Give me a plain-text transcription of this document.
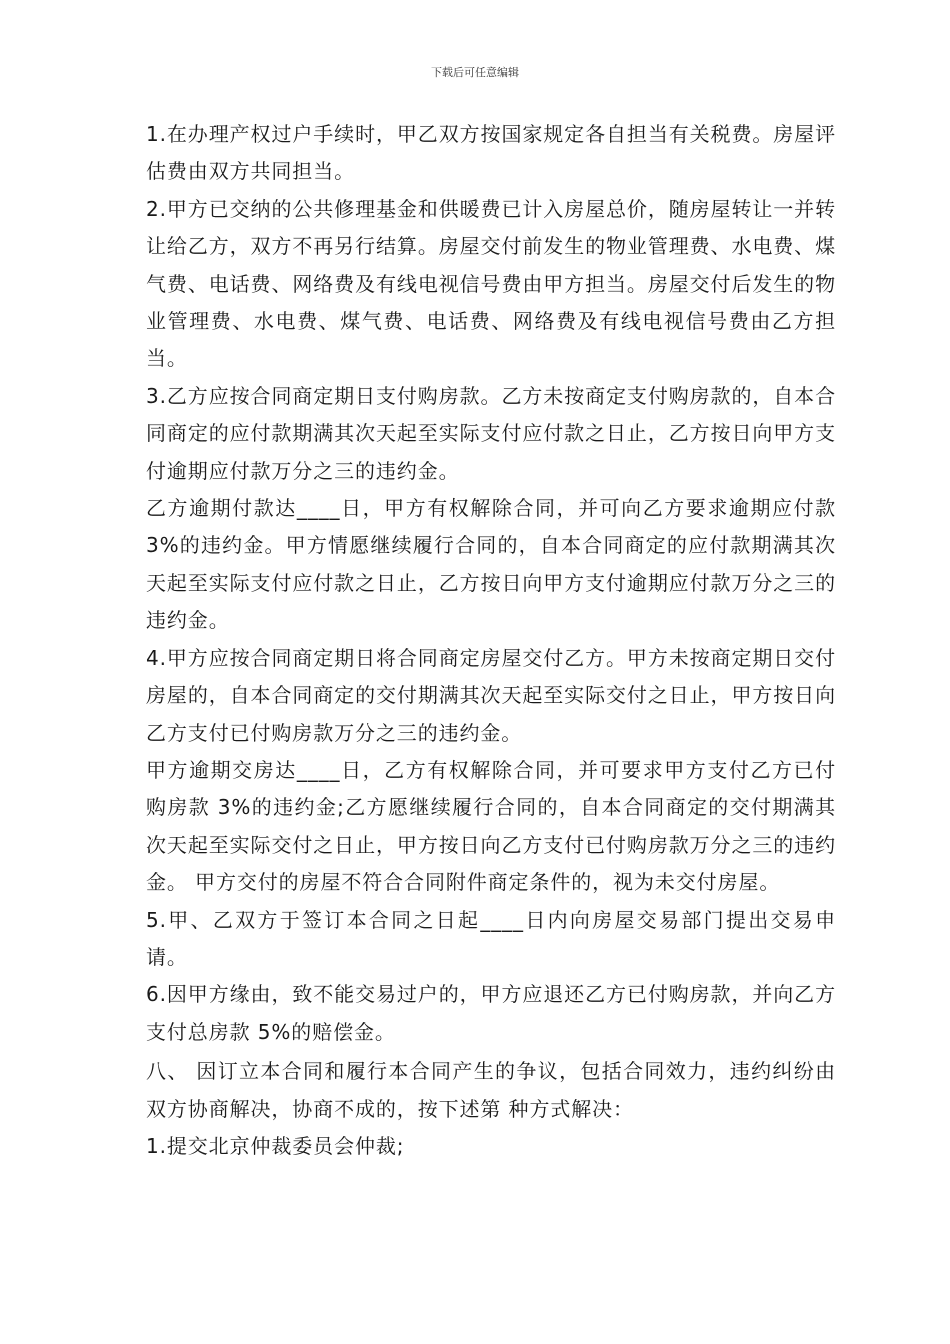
下载后可任意编辑

1.在办理产权过户手续时，甲乙双方按国家规定各自担当有关税费。房屋评估费由双方共同担当。

2.甲方已交纳的公共修理基金和供暖费已计入房屋总价，随房屋转让一并转让给乙方，双方不再另行结算。房屋交付前发生的物业管理费、水电费、煤气费、电话费、网络费及有线电视信号费由甲方担当。房屋交付后发生的物业管理费、水电费、煤气费、电话费、网络费及有线电视信号费由乙方担当。

3.乙方应按合同商定期日支付购房款。乙方未按商定支付购房款的，自本合同商定的应付款期满其次天起至实际支付应付款之日止，乙方按日向甲方支付逾期应付款万分之三的违约金。

乙方逾期付款达____日，甲方有权解除合同，并可向乙方要求逾期应付款 3%的违约金。甲方情愿继续履行合同的，自本合同商定的应付款期满其次天起至实际支付应付款之日止，乙方按日向甲方支付逾期应付款万分之三的违约金。

4.甲方应按合同商定期日将合同商定房屋交付乙方。甲方未按商定期日交付房屋的，自本合同商定的交付期满其次天起至实际交付之日止，甲方按日向乙方支付已付购房款万分之三的违约金。

甲方逾期交房达____日，乙方有权解除合同，并可要求甲方支付乙方已付购房款 3%的违约金;乙方愿继续履行合同的，自本合同商定的交付期满其次天起至实际交付之日止，甲方按日向乙方支付已付购房款万分之三的违约金。 甲方交付的房屋不符合合同附件商定条件的，视为未交付房屋。

5.甲、乙双方于签订本合同之日起____日内向房屋交易部门提出交易申请。

6.因甲方缘由，致不能交易过户的，甲方应退还乙方已付购房款，并向乙方支付总房款 5%的赔偿金。

八、 因订立本合同和履行本合同产生的争议，包括合同效力，违约纠纷由双方协商解决，协商不成的，按下述第 种方式解决：

1.提交北京仲裁委员会仲裁;
